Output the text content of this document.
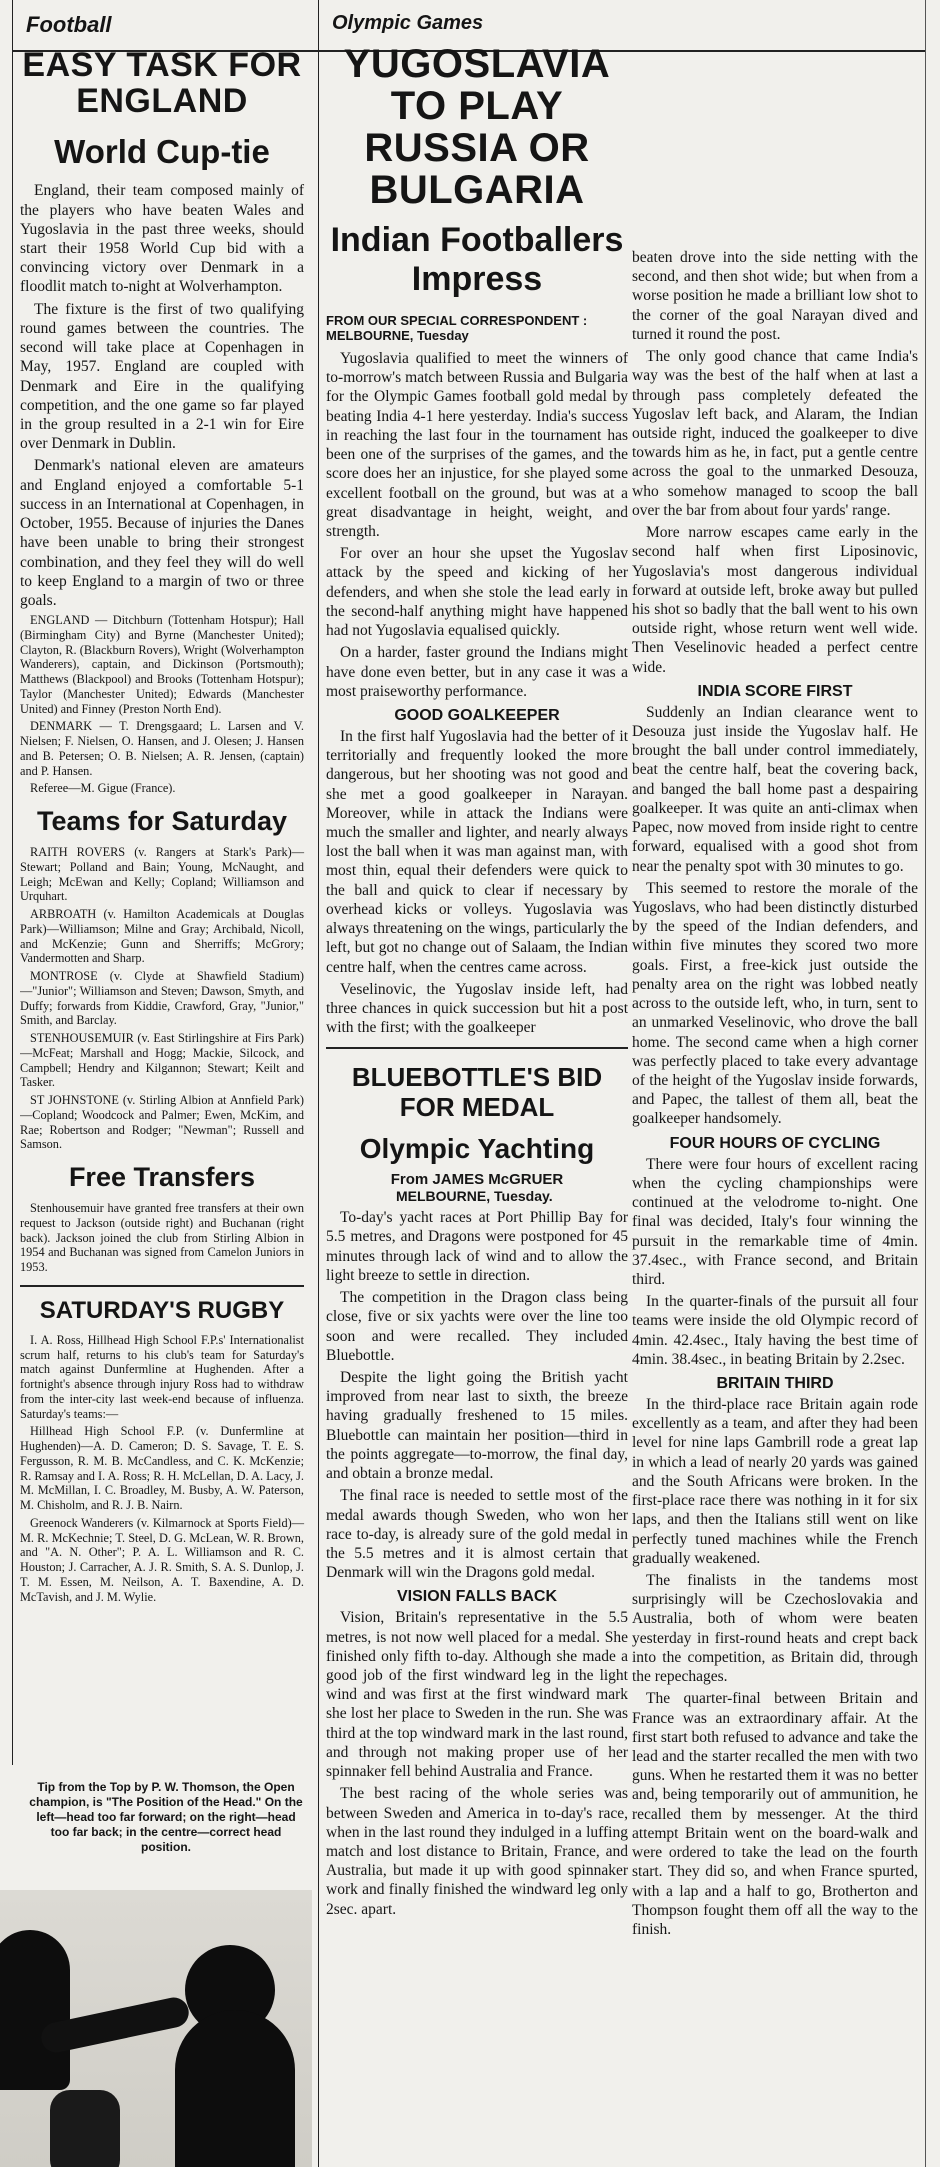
Football
EASY TASK FOR ENGLAND
World Cup-tie

England, their team composed mainly of the players who have beaten Wales and Yugoslavia in the past three weeks, should start their 1958 World Cup bid with a convincing victory over Denmark in a floodlit match to-night at Wolverhampton.

The fixture is the first of two qualifying round games between the countries. The second will take place at Copenhagen in May, 1957. England are coupled with Denmark and Eire in the qualifying competition, and the one game so far played in the group resulted in a 2-1 win for Eire over Denmark in Dublin.

Denmark's national eleven are amateurs and England enjoyed a comfortable 5-1 success in an International at Copenhagen, in October, 1955. Because of injuries the Danes have been unable to bring their strongest combination, and they feel they will do well to keep England to a margin of two or three goals.

ENGLAND — Ditchburn (Tottenham Hotspur); Hall (Birmingham City) and Byrne (Manchester United); Clayton, R. (Blackburn Rovers), Wright (Wolverhampton Wanderers), captain, and Dickinson (Portsmouth); Matthews (Blackpool) and Brooks (Tottenham Hotspur); Taylor (Manchester United); Edwards (Manchester United) and Finney (Preston North End).

DENMARK — T. Drengsgaard; L. Larsen and V. Nielsen; F. Nielsen, O. Hansen, and J. Olesen; J. Hansen and B. Petersen; O. B. Nielsen; A. R. Jensen, (captain) and P. Hansen.

Referee—M. Gigue (France).

Teams for Saturday

RAITH ROVERS (v. Rangers at Stark's Park)—Stewart; Polland and Bain; Young, McNaught, and Leigh; McEwan and Kelly; Copland; Williamson and Urquhart.

ARBROATH (v. Hamilton Academicals at Douglas Park)—Williamson; Milne and Gray; Archibald, Nicoll, and McKenzie; Gunn and Sherriffs; McGrory; Vandermotten and Sharp.

MONTROSE (v. Clyde at Shawfield Stadium)—"Junior"; Williamson and Steven; Dawson, Smyth, and Duffy; forwards from Kiddie, Crawford, Gray, "Junior," Smith, and Barclay.

STENHOUSEMUIR (v. East Stirlingshire at Firs Park)—McFeat; Marshall and Hogg; Mackie, Silcock, and Campbell; Hendry and Kilgannon; Stewart; Keilt and Tasker.

ST JOHNSTONE (v. Stirling Albion at Annfield Park)—Copland; Woodcock and Palmer; Ewen, McKim, and Rae; Robertson and Rodger; "Newman"; Russell and Samson.

Free Transfers

Stenhousemuir have granted free transfers at their own request to Jackson (outside right) and Buchanan (right back). Jackson joined the club from Stirling Albion in 1954 and Buchanan was signed from Camelon Juniors in 1953.

SATURDAY'S RUGBY

I. A. Ross, Hillhead High School F.P.s' Internationalist scrum half, returns to his club's team for Saturday's match against Dunfermline at Hughenden. After a fortnight's absence through injury Ross had to withdraw from the inter-city last week-end because of influenza. Saturday's teams:—

Hillhead High School F.P. (v. Dunfermline at Hughenden)—A. D. Cameron; D. S. Savage, T. E. S. Fergusson, R. M. B. McCandless, and C. K. McKenzie; R. Ramsay and I. A. Ross; R. H. McLellan, D. A. Lacy, J. M. McMillan, I. C. Broadley, M. Busby, A. W. Paterson, M. Chisholm, and R. J. B. Nairn.

Greenock Wanderers (v. Kilmarnock at Sports Field)—M. R. McKechnie; T. Steel, D. G. McLean, W. R. Brown, and "A. N. Other"; P. A. L. Williamson and R. C. Houston; J. Carracher, A. J. R. Smith, S. A. S. Dunlop, J. T. M. Essen, M. Neilson, A. T. Baxendine, A. D. McTavish, and J. M. Wylie.

Tip from the Top by P. W. Thomson, the Open champion, is "The Position of the Head." On the left—head too far forward; on the right—head too far back; in the centre—correct head position.
Olympic Games
YUGOSLAVIA TO PLAY RUSSIA OR BULGARIA
Indian Footballers Impress
FROM OUR SPECIAL CORRESPONDENT : MELBOURNE, Tuesday

Yugoslavia qualified to meet the winners of to-morrow's match between Russia and Bulgaria for the Olympic Games football gold medal by beating India 4-1 here yesterday. India's success in reaching the last four in the tournament has been one of the surprises of the games, and the score does her an injustice, for she played some excellent football on the ground, but was at a great disadvantage in height, weight, and strength.

For over an hour she upset the Yugoslav attack by the speed and kicking of her defenders, and when she stole the lead early in the second-half anything might have happened had not Yugoslavia equalised quickly.

On a harder, faster ground the Indians might have done even better, but in any case it was a most praiseworthy performance.

GOOD GOALKEEPER

In the first half Yugoslavia had the better of it territorially and frequently looked the more dangerous, but her shooting was not good and she met a good goalkeeper in Narayan. Moreover, while in attack the Indians were much the smaller and lighter, and nearly always lost the ball when it was man against man, with most thin, equal their defenders were quick to the ball and quick to clear if necessary by overhead kicks or volleys. Yugoslavia was always threatening on the wings, particularly the left, but got no change out of Salaam, the Indian centre half, when the centres came across.

Veselinovic, the Yugoslav inside left, had three chances in quick succession but hit a post with the first; with the goalkeeper

BLUEBOTTLE'S BID FOR MEDAL
Olympic Yachting
From JAMES McGRUER
MELBOURNE, Tuesday.

To-day's yacht races at Port Phillip Bay for 5.5 metres, and Dragons were postponed for 45 minutes through lack of wind and to allow the light breeze to settle in direction.

The competition in the Dragon class being close, five or six yachts were over the line too soon and were recalled. They included Bluebottle.

Despite the light going the British yacht improved from near last to sixth, the breeze having gradually freshened to 15 miles. Bluebottle can maintain her position—third in the points aggregate—to-morrow, the final day, and obtain a bronze medal.

The final race is needed to settle most of the medal awards though Sweden, who won her race to-day, is already sure of the gold medal in the 5.5 metres and it is almost certain that Denmark will win the Dragons gold medal.

VISION FALLS BACK

Vision, Britain's representative in the 5.5 metres, is not now well placed for a medal. She finished only fifth to-day. Although she made a good job of the first windward leg in the light wind and was first at the first windward mark she lost her place to Sweden in the run. She was third at the top windward mark in the last round, and through not making proper use of her spinnaker fell behind Australia and France.

The best racing of the whole series was between Sweden and America in to-day's race, when in the last round they indulged in a luffing match and lost distance to Britain, France, and Australia, but made it up with good spinnaker work and finally finished the windward leg only 2sec. apart.

beaten drove into the side netting with the second, and then shot wide; but when from a worse position he made a brilliant low shot to the corner of the goal Narayan dived and turned it round the post.

The only good chance that came India's way was the best of the half when at last a through pass completely defeated the Yugoslav left back, and Alaram, the Indian outside right, induced the goalkeeper to dive towards him as he, in fact, put a gentle centre across the goal to the unmarked Desouza, who somehow managed to scoop the ball over the bar from about four yards' range.

More narrow escapes came early in the second half when first Liposinovic, Yugoslavia's most dangerous individual forward at outside left, broke away but pulled his shot so badly that the ball went to his own outside right, whose return went well wide. Then Veselinovic headed a perfect centre wide.

INDIA SCORE FIRST

Suddenly an Indian clearance went to Desouza just inside the Yugoslav half. He brought the ball under control immediately, beat the centre half, beat the covering back, and banged the ball home past a despairing goalkeeper. It was quite an anti-climax when Papec, now moved from inside right to centre forward, equalised with a good shot from near the penalty spot with 30 minutes to go.

This seemed to restore the morale of the Yugoslavs, who had been distinctly disturbed by the speed of the Indian defenders, and within five minutes they scored two more goals. First, a free-kick just outside the penalty area on the right was lobbed neatly across to the outside left, who, in turn, sent to an unmarked Veselinovic, who drove the ball home. The second came when a high corner was perfectly placed to take every advantage of the height of the Yugoslav inside forwards, and Papec, the tallest of them all, beat the goalkeeper handsomely.

FOUR HOURS OF CYCLING

There were four hours of excellent racing when the cycling championships were continued at the velodrome to-night. One final was decided, Italy's four winning the pursuit in the remarkable time of 4min. 37.4sec., with France second, and Britain third.

In the quarter-finals of the pursuit all four teams were inside the old Olympic record of 4min. 42.4sec., Italy having the best time of 4min. 38.4sec., in beating Britain by 2.2sec.

BRITAIN THIRD

In the third-place race Britain again rode excellently as a team, and after they had been level for nine laps Gambrill rode a great lap in which a lead of nearly 20 yards was gained and the South Africans were broken. In the first-place race there was nothing in it for six laps, and then the Italians still went on like perfectly tuned machines while the French gradually weakened.

The finalists in the tandems most surprisingly will be Czechoslovakia and Australia, both of whom were beaten yesterday in first-round heats and crept back into the competition, as Britain did, through the repechages.

The quarter-final between Britain and France was an extraordinary affair. At the first start both refused to advance and take the lead and the starter recalled the men with two guns. When he restarted them it was no better and, being temporarily out of ammunition, he recalled them by messenger. At the third attempt Britain went on the board-walk and were ordered to take the lead on the fourth start. They did so, and when France spurted, with a lap and a half to go, Brotherton and Thompson fought them off all the way to the finish.
